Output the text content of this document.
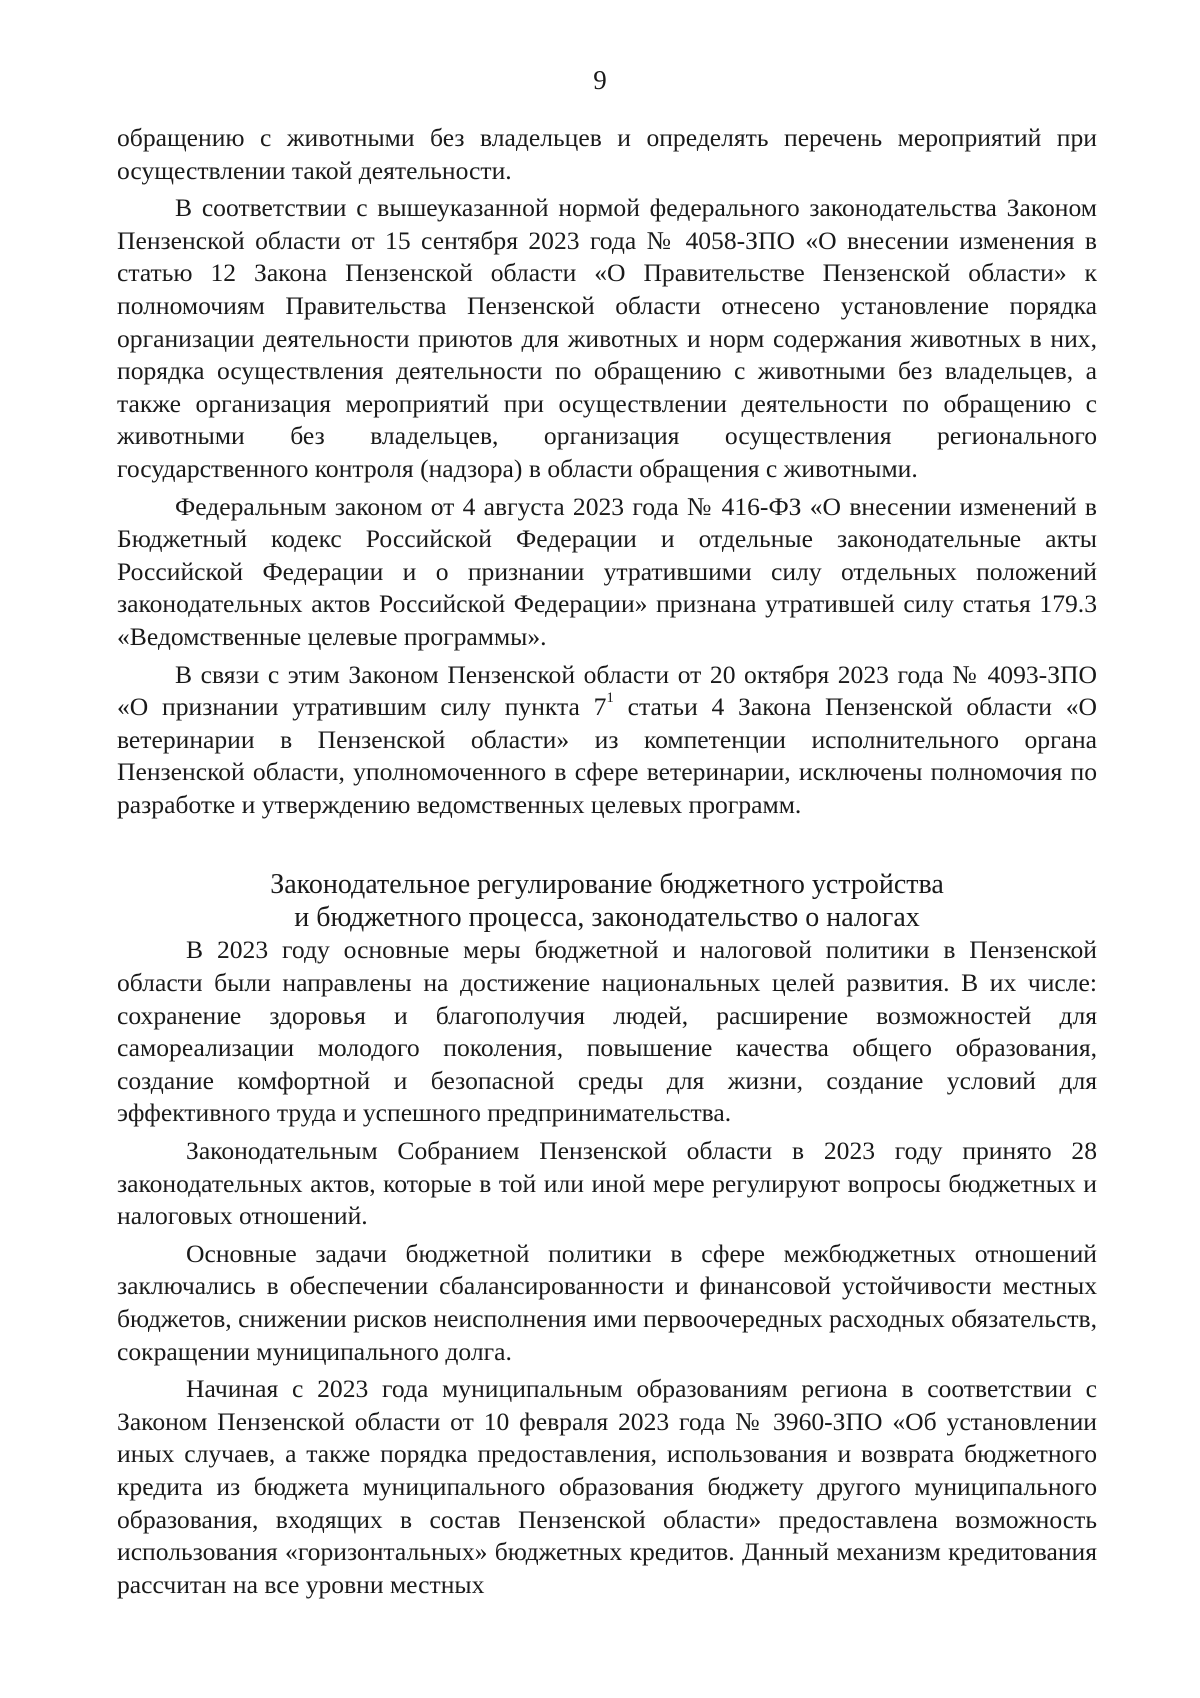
9

обращению с животными без владельцев и определять перечень мероприятий при осуществлении такой деятельности.

В соответствии с вышеуказанной нормой федерального законодательства Законом Пензенской области от 15 сентября 2023 года № 4058-ЗПО «О внесении изменения в статью 12 Закона Пензенской области «О Правительстве Пензенской области» к полномочиям Правительства Пензенской области отнесено установление порядка организации деятельности приютов для животных и норм содержания животных в них, порядка осуществления деятельности по обращению с животными без владельцев, а также организация мероприятий при осуществлении деятельности по обращению с животными без владельцев, организация осуществления регионального государственного контроля (надзора) в области обращения с животными.

Федеральным законом от 4 августа 2023 года № 416-ФЗ «О внесении изменений в Бюджетный кодекс Российской Федерации и отдельные законодательные акты Российской Федерации и о признании утратившими силу отдельных положений законодательных актов Российской Федерации» признана утратившей силу статья 179.3 «Ведомственные целевые программы».

В связи с этим Законом Пензенской области от 20 октября 2023 года № 4093-ЗПО «О признании утратившим силу пункта $7^1$ статьи 4 Закона Пензенской области «О ветеринарии в Пензенской области» из компетенции исполнительного органа Пензенской области, уполномоченного в сфере ветеринарии, исключены полномочия по разработке и утверждению ведомственных целевых программ.

Законодательное регулирование бюджетного устройства
и бюджетного процесса, законодательство о налогах

В 2023 году основные меры бюджетной и налоговой политики в Пензенской области были направлены на достижение национальных целей развития. В их числе: сохранение здоровья и благополучия людей, расширение возможностей для самореализации молодого поколения, повышение качества общего образования, создание комфортной и безопасной среды для жизни, создание условий для эффективного труда и успешного предпринимательства.

Законодательным Собранием Пензенской области в 2023 году принято 28 законодательных актов, которые в той или иной мере регулируют вопросы бюджетных и налоговых отношений.

Основные задачи бюджетной политики в сфере межбюджетных отношений заключались в обеспечении сбалансированности и финансовой устойчивости местных бюджетов, снижении рисков неисполнения ими первоочередных расходных обязательств, сокращении муниципального долга.

Начиная с 2023 года муниципальным образованиям региона в соответствии с Законом Пензенской области от 10 февраля 2023 года № 3960-ЗПО «Об установлении иных случаев, а также порядка предоставления, использования и возврата бюджетного кредита из бюджета муниципального образования бюджету другого муниципального образования, входящих в состав Пензенской области» предоставлена возможность использования «горизонтальных» бюджетных кредитов. Данный механизм кредитования рассчитан на все уровни местных
